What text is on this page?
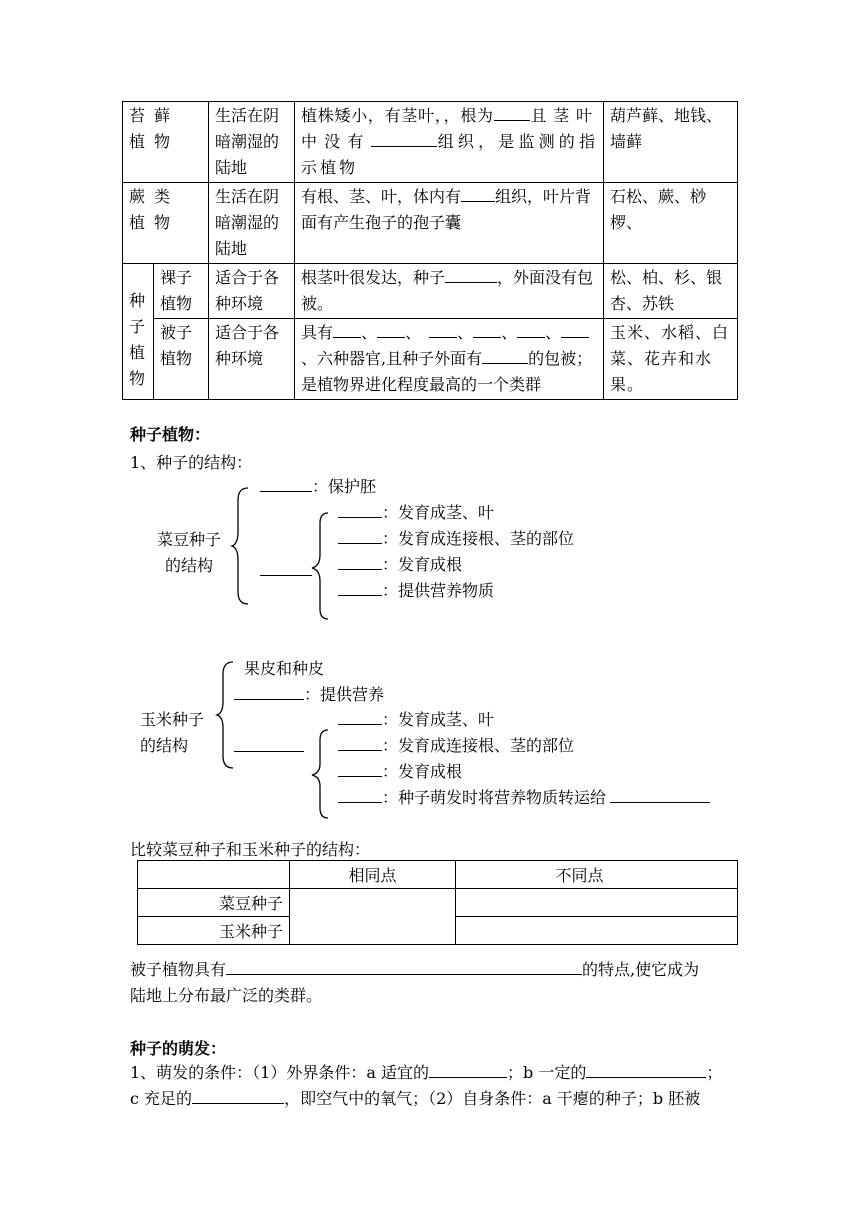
苔藓植物		生活在阴暗潮湿的陆地	植株矮小，有茎叶，，根为 且茎叶中没有 组织，是监测的指示植物	葫芦藓、地钱、墙藓
蕨类植物		生活在阴暗潮湿的陆地	有根、茎、叶，体内有 组织，叶片背面有产生孢子的孢子囊	石松、蕨、桫椤、

种子植物	裸子植物	适合于各种环境	根茎叶很发达，种子 ，外面没有包被。	松、柏、杉、银杏、苏铁
	被子植物	适合于各种环境	具有 、 、 、 、 、、六种器官,且种子外面有 的包被；是植物界进化程度最高的一个类群	玉米、水稻、白菜、花卉和水果。
种子植物：
1、种子的结构：
菜豆种子的结构
：保护胚
：发育成茎、叶
：发育成连接根、茎的部位
：发育成根
：提供营养物质
玉米种子的结构
果皮和种皮
：提供营养
：发育成茎、叶
：发育成连接根、茎的部位
：发育成根
：种子萌发时将营养物质转运给
比较菜豆种子和玉米种子的结构：
	相同点	不同点
菜豆种子		
玉米种子		
被子植物具有	的特点,使它成为
陆地上分布最广泛的类群。
种子的萌发：
1、萌发的条件：（1）外界条件：a 适宜的	；b 一定的	；
c 充足的	，即空气中的氧气；（2）自身条件：a 干瘪的种子；b 胚被
